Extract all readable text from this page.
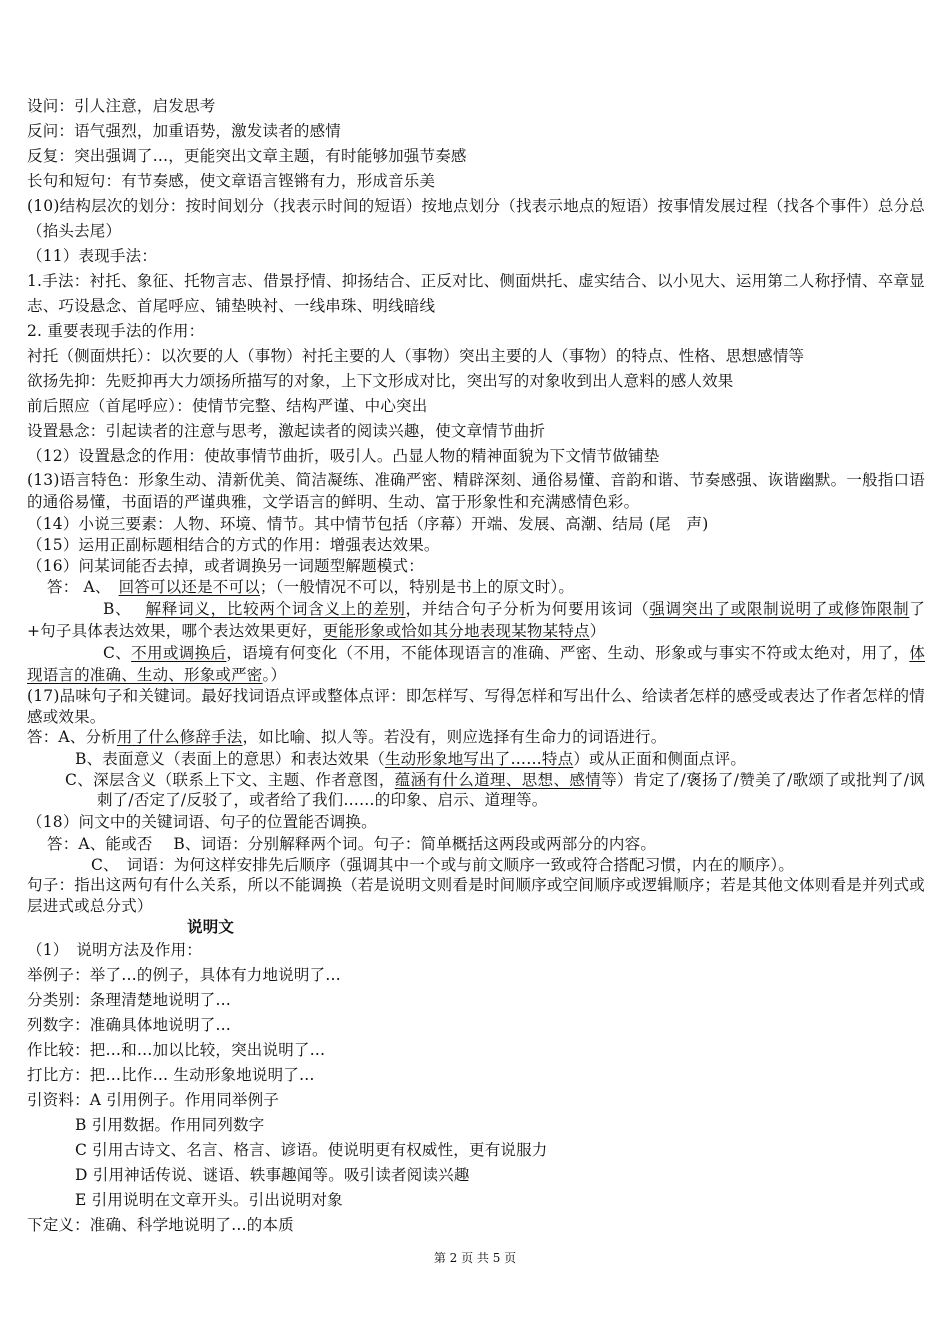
设问：引人注意，启发思考
反问：语气强烈，加重语势，激发读者的感情
反复：突出强调了…，更能突出文章主题，有时能够加强节奏感
长句和短句：有节奏感，使文章语言铿锵有力，形成音乐美
(10)结构层次的划分：按时间划分（找表示时间的短语）按地点划分（找表示地点的短语）按事情发展过程（找各个事件）总分总（掐头去尾）
（11）表现手法：
1.手法：衬托、象征、托物言志、借景抒情、抑扬结合、正反对比、侧面烘托、虚实结合、以小见大、运用第二人称抒情、卒章显志、巧设悬念、首尾呼应、铺垫映衬、一线串珠、明线暗线
2. 重要表现手法的作用：
衬托（侧面烘托）：以次要的人（事物）衬托主要的人（事物）突出主要的人（事物）的特点、性格、思想感情等
欲扬先抑：先贬抑再大力颂扬所描写的对象，上下文形成对比，突出写的对象收到出人意料的感人效果
前后照应（首尾呼应）：使情节完整、结构严谨、中心突出
设置悬念：引起读者的注意与思考，激起读者的阅读兴趣，使文章情节曲折
（12）设置悬念的作用：使故事情节曲折，吸引人。凸显人物的精神面貌为下文情节做铺垫
(13)语言特色：形象生动、清新优美、简洁凝练、准确严密、精辟深刻、通俗易懂、音韵和谐、节奏感强、诙谐幽默。一般指口语的通俗易懂，书面语的严谨典雅，文学语言的鲜明、生动、富于形象性和充满感情色彩。
（14）小说三要素：人物、环境、情节。其中情节包括（序幕）开端、发展、高潮、结局 (尾　声)
（15）运用正副标题相结合的方式的作用：增强表达效果。
（16）问某词能否去掉，或者调换另一词题型解题模式：
答： A、　 回答可以还是不可以；（一般情况不可以，特别是书上的原文时）。
B、　 解释词义，比较两个词含义上的差别，并结合句子分析为何要用该词（强调突出了或限制说明了或修饰限制了+句子具体表达效果，哪个表达效果更好，更能形象或恰如其分地表现某物某特点）
C、不用或调换后，语境有何变化（不用，不能体现语言的准确、严密、生动、形象或与事实不符或太绝对，用了，体现语言的准确、生动、形象或严密。）
(17)品味句子和关键词。最好找词语点评或整体点评：即怎样写、写得怎样和写出什么、给读者怎样的感受或表达了作者怎样的情感或效果。
答：A、分析用了什么修辞手法，如比喻、拟人等。若没有，则应选择有生命力的词语进行。
B、表面意义（表面上的意思）和表达效果（生动形象地写出了……特点）或从正面和侧面点评。
C、深层含义（联系上下文、主题、作者意图，蕴涵有什么道理、思想、感情等）肯定了/褒扬了/赞美了/歌颂了或批判了/讽刺了/否定了/反驳了，或者给了我们……的印象、启示、道理等。
（18）问文中的关键词语、句子的位置能否调换。
答：A、能或否　 B、词语：分别解释两个词。句子：简单概括这两段或两部分的内容。
C、　词语：为何这样安排先后顺序（强调其中一个或与前文顺序一致或符合搭配习惯，内在的顺序）。
句子：指出这两句有什么关系，所以不能调换（若是说明文则看是时间顺序或空间顺序或逻辑顺序；若是其他文体则看是并列式或层进式或总分式）
说明文
（1）　说明方法及作用：
举例子：举了…的例子，具体有力地说明了…
分类别：条理清楚地说明了…
列数字：准确具体地说明了…
作比较：把…和…加以比较，突出说明了…
打比方：把…比作… 生动形象地说明了…
引资料：A 引用例子。作用同举例子
B 引用数据。作用同列数字
C 引用古诗文、名言、格言、谚语。使说明更有权威性，更有说服力
D 引用神话传说、谜语、轶事趣闻等。吸引读者阅读兴趣
E 引用说明在文章开头。引出说明对象
下定义：准确、科学地说明了…的本质
第 2 页 共 5 页
